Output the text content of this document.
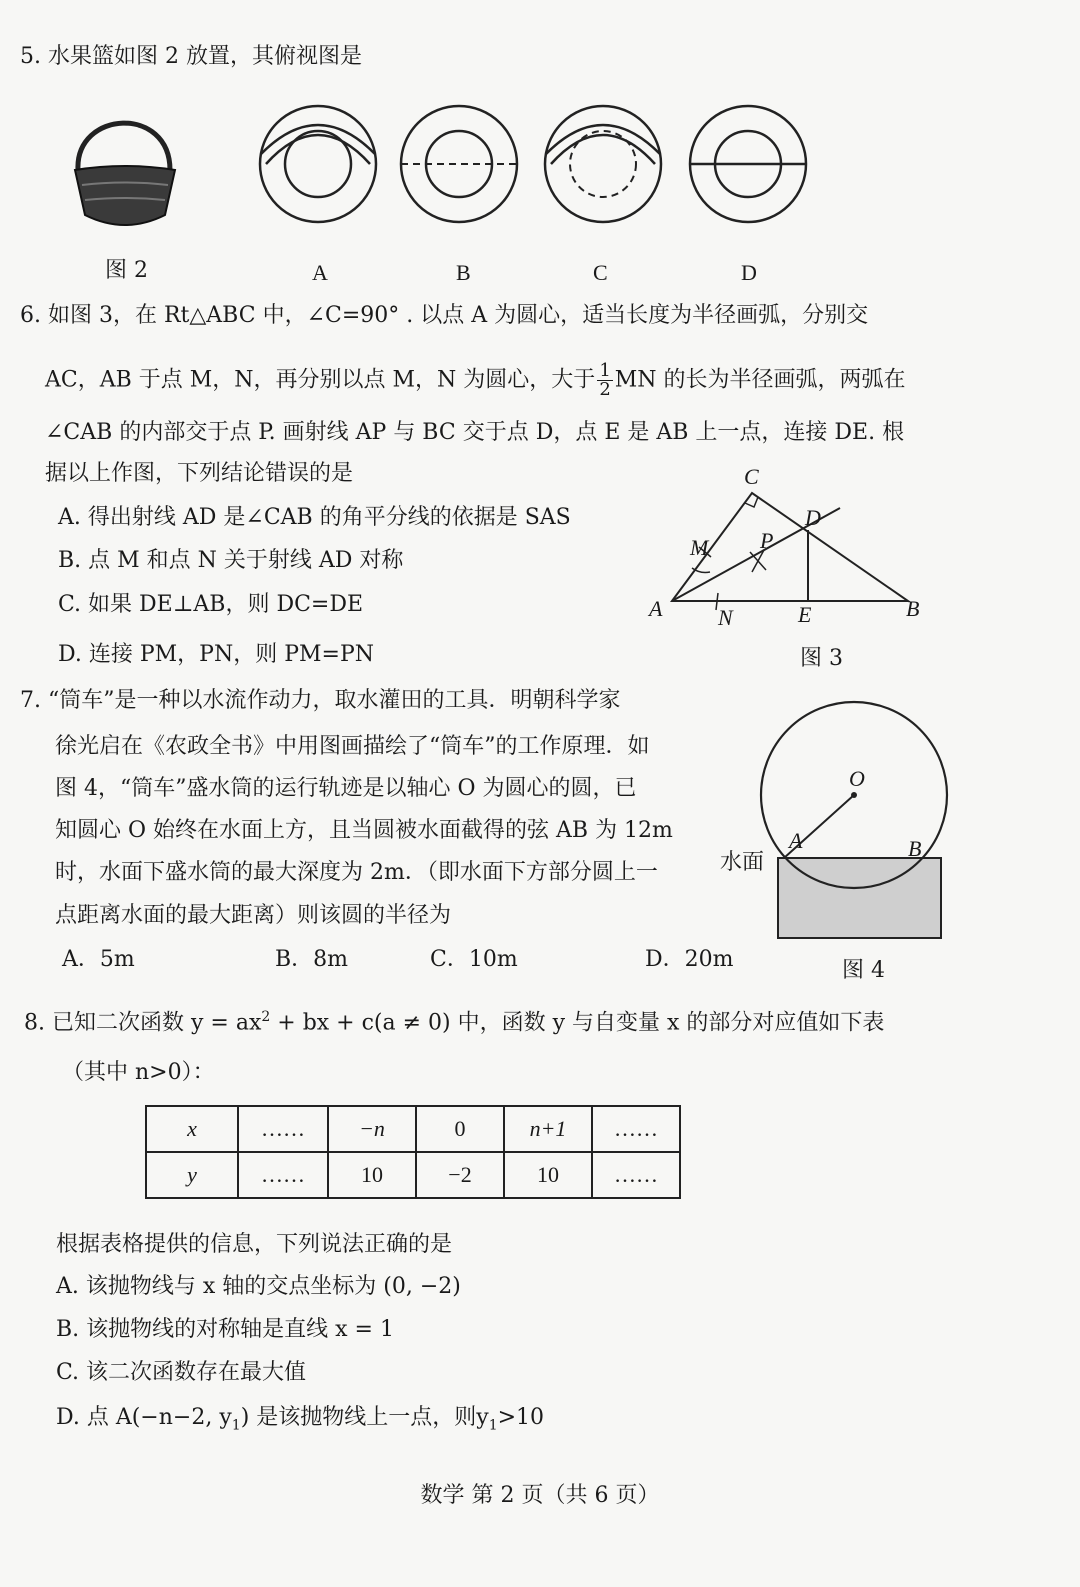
5. 水果篮如图 2 放置，其俯视图是
图 2	A	B	C	D
6. 如图 3，在 Rt△ABC 中，∠C=90° . 以点 A 为圆心，适当长度为半径画弧，分别交
AC，AB 于点 M，N，再分别以点 M，N 为圆心，大于 $\frac{1}{2}$ MN 的长为半径画弧，两弧在
∠CAB 的内部交于点 P. 画射线 AP 与 BC 交于点 D，点 E 是 AB 上一点，连接 DE. 根
据以上作图，下列结论错误的是
A. 得出射线 AD 是∠CAB 的角平分线的依据是 SAS
B. 点 M 和点 N 关于射线 AD 对称
C. 如果 DE⊥AB，则 DC=DE
D. 连接 PM，PN，则 PM=PN
C
D
M P
A	N	E	B
图 3
7. “筒车”是一种以水流作动力，取水灌田的工具．明朝科学家
徐光启在《农政全书》中用图画描绘了“筒车”的工作原理．如
图 4，“筒车”盛水筒的运行轨迹是以轴心 O 为圆心的圆，已
知圆心 O 始终在水面上方，且当圆被水面截得的弦 AB 为 12m
时，水面下盛水筒的最大深度为 2m．（即水面下方部分圆上一
点距离水面的最大距离）则该圆的半径为
A．5m	B．8m	C．10m	D．20m
O
A	B
水面
图 4
8. 已知二次函数 $y = ax^2$ + bx + c(a ≠ 0) 中，函数 y 与自变量 x 的部分对应值如下表
（其中 n>0）：
x	……	−n	0	n+1	……
y	……	10	−2	10	……
根据表格提供的信息，下列说法正确的是
A. 该抛物线与 x 轴的交点坐标为 (0, −2)
B. 该抛物线的对称轴是直线 x = 1
C. 该二次函数存在最大值
D. 点 A(−n−2, $y_1$) 是该抛物线上一点，则$y_1>10$
数学 第 2 页（共 6 页）
